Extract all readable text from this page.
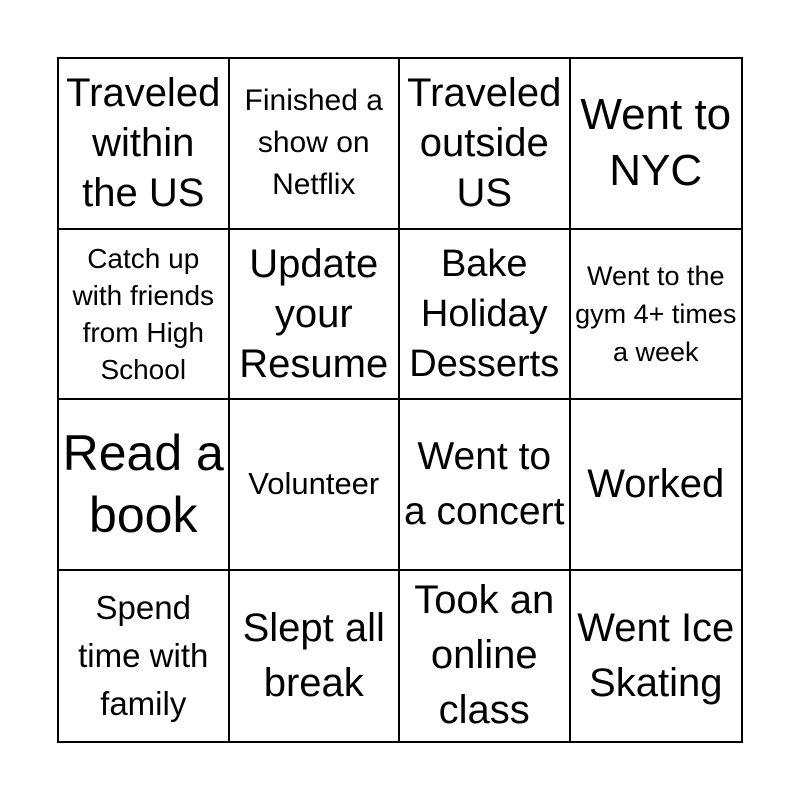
Traveled within the US
Finished a show on Netflix
Traveled outside US
Went to NYC
Catch up with friends from High School
Update your Resume
Bake Holiday Desserts
Went to the gym 4+ times a week
Read a book
Volunteer
Went to a concert
Worked
Spend time with family
Slept all break
Took an online class
Went Ice Skating
